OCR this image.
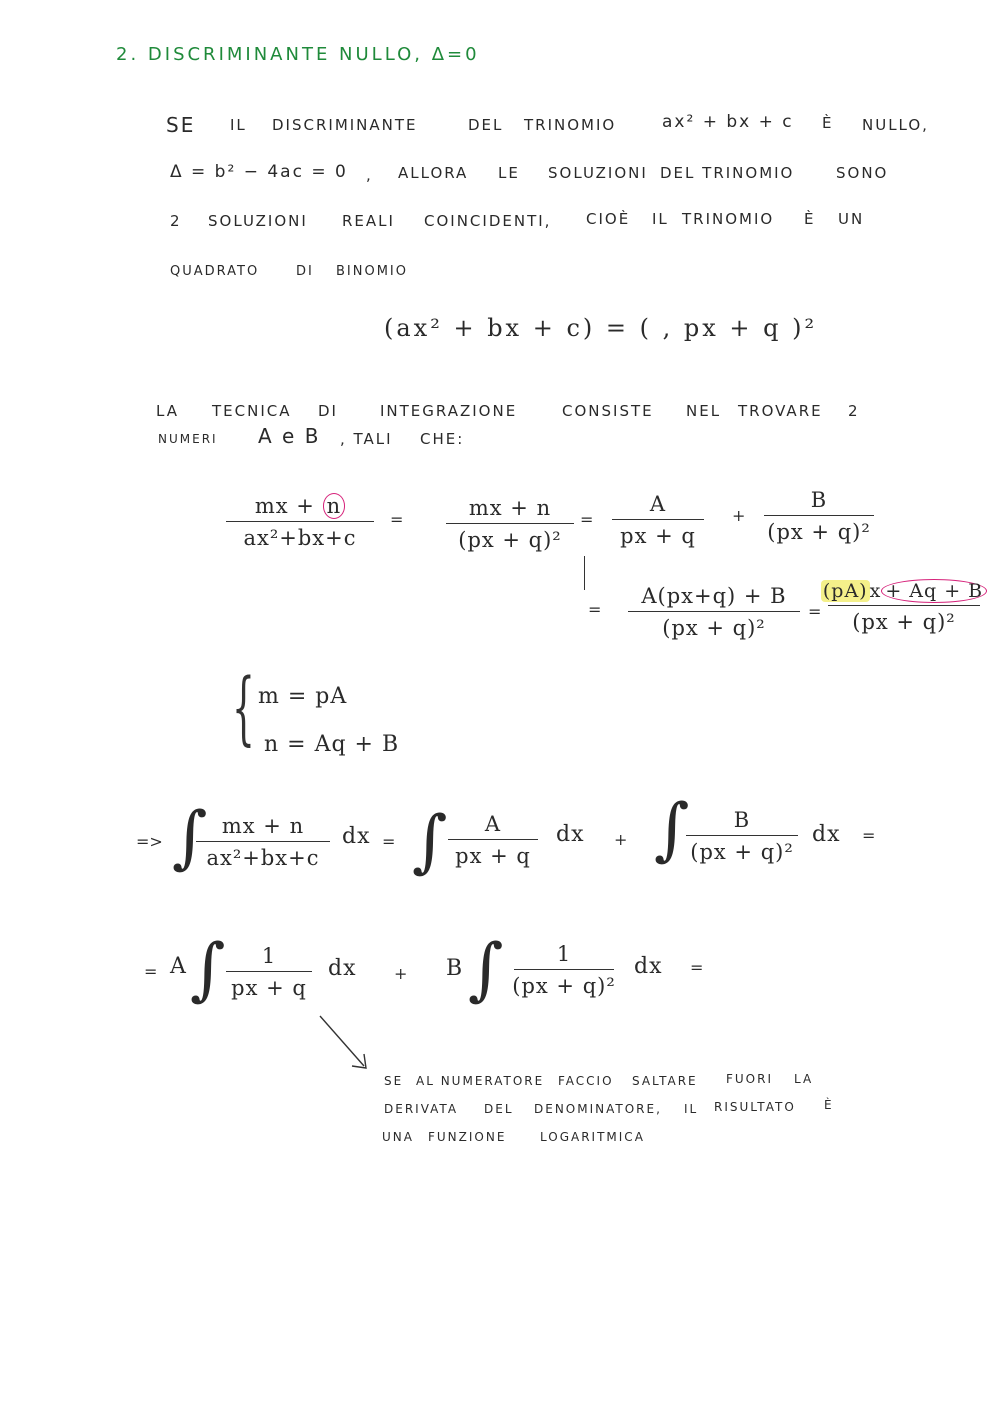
2. DISCRIMINANTE NULLO, Δ=0
SE IL DISCRIMINANTE	DEL TRINOMIO	ax² + bx + c È NULLO,
Δ = b² − 4ac = 0 , ALLORA LE SOLUZIONI DEL TRINOMIO	SONO
2 SOLUZIONI REALI COINCIDENTI, CIOÈ IL TRINOMIO È UN
QUADRATO	DI BINOMIO
(ax² + bx + c) = ( , px + q )²
LA TECNICA DI	INTEGRAZIONE	CONSISTE NEL TROVARE 2
NUMERI A e B , TALI CHE:
mx + n
ax²+bx+c
=	mx + n
(px + q)²
=
A
px + q
+
B
(px + q)²
=
A(px+q) + B
(px + q)²
=
(pA) x + Aq + B
(px + q)²
{ m = pA
n = Aq + B
=> ∫ mx + n
ax²+bx+c
dx = ∫ A
px + q
dx + ∫ B
(px + q)²
dx =
= A ∫ 1
px + q
dx + B ∫	1
(px + q)²
dx =
SE AL NUMERATORE FACCIO SALTARE FUORI LA
DERIVATA DEL DENOMINATORE, IL RISULTATO È
UNA FUNZIONE	LOGARITMICA
